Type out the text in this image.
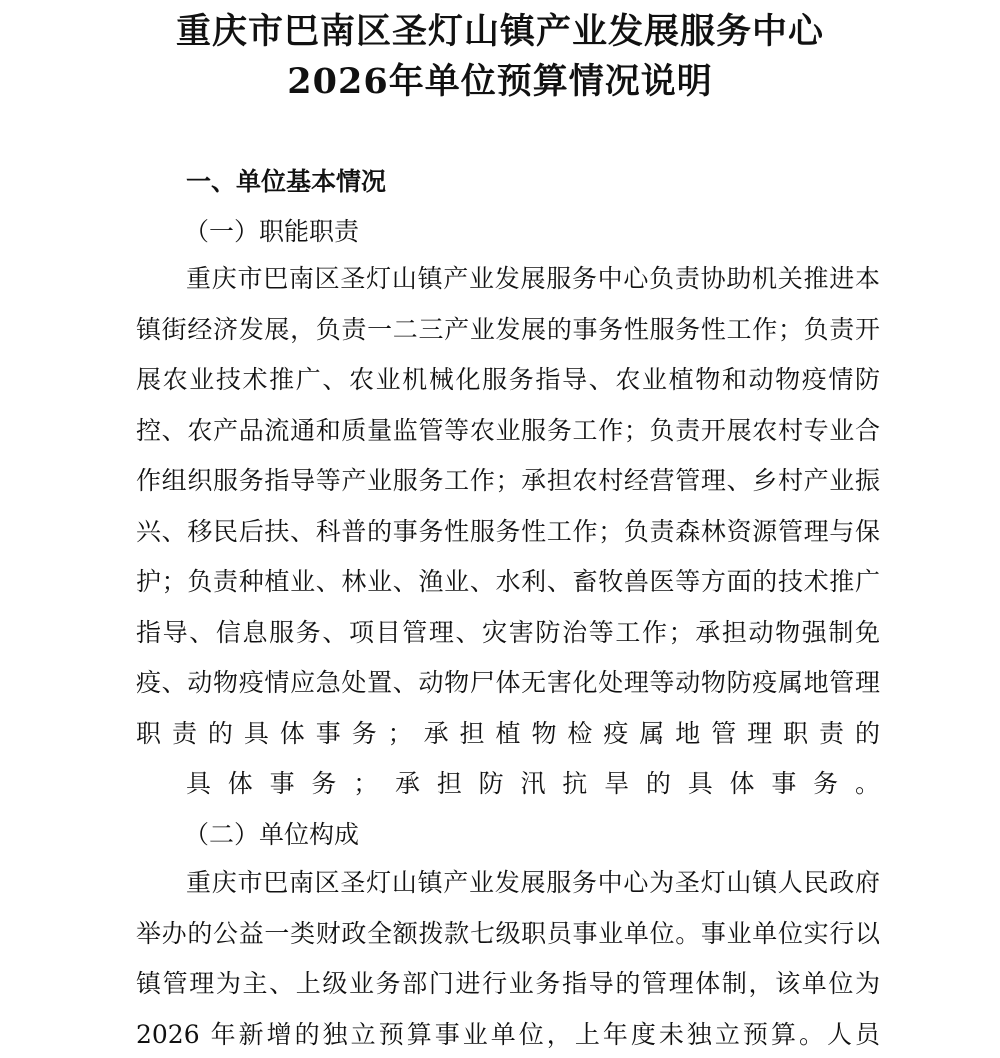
重庆市巴南区圣灯山镇产业发展服务中心
2026年单位预算情况说明
一、单位基本情况
（一）职能职责

重庆市巴南区圣灯山镇产业发展服务中心负责协助机关推进本镇街经济发展，负责一二三产业发展的事务性服务性工作；负责开展农业技术推广、农业机械化服务指导、农业植物和动物疫情防控、农产品流通和质量监管等农业服务工作；负责开展农村专业合作组织服务指导等产业服务工作；承担农村经营管理、乡村产业振兴、移民后扶、科普的事务性服务性工作；负责森林资源管理与保护；负责种植业、林业、渔业、水利、畜牧兽医等方面的技术推广指导、信息服务、项目管理、灾害防治等工作；承担动物强制免疫、动物疫情应急处置、动物尸体无害化处理等动物防疫属地管理职责的具体事务；承担植物检疫属地管理职责的

具体事务；承担防汛抗旱的具体事务。
（二）单位构成

重庆市巴南区圣灯山镇产业发展服务中心为圣灯山镇人民政府举办的公益一类财政全额拨款七级职员事业单位。事业单位实行以镇管理为主、上级业务部门进行业务指导的管理体制，该单位为 2026 年新增的独立预算事业单位，上年度未独立预算。人员
